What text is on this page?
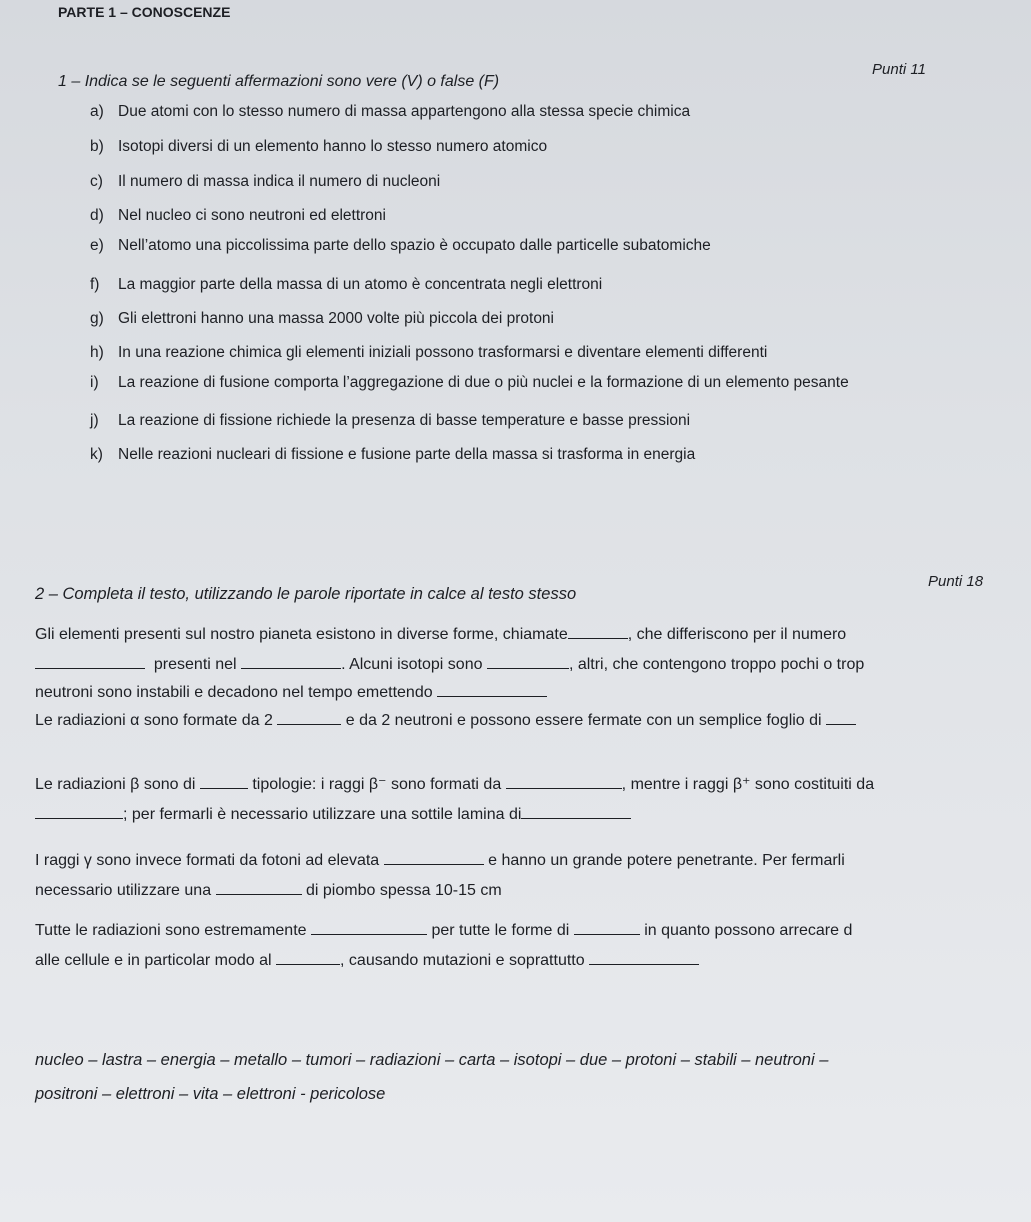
PARTE 1 – CONOSCENZE
1 – Indica se le seguenti affermazioni sono vere (V) o false (F)
Punti 11
a) Due atomi con lo stesso numero di massa appartengono alla stessa specie chimica
b) Isotopi diversi di un elemento hanno lo stesso numero atomico
c) Il numero di massa indica il numero di nucleoni
d) Nel nucleo ci sono neutroni ed elettroni
e) Nell’atomo una piccolissima parte dello spazio è occupato dalle particelle subatomiche
f) La maggior parte della massa di un atomo è concentrata negli elettroni
g) Gli elettroni hanno una massa 2000 volte più piccola dei protoni
h) In una reazione chimica gli elementi iniziali possono trasformarsi e diventare elementi differenti
i) La reazione di fusione comporta l’aggregazione di due o più nuclei e la formazione di un elemento pesante
j) La reazione di fissione richiede la presenza di basse temperature e basse pressioni
k) Nelle reazioni nucleari di fissione e fusione parte della massa si trasforma in energia
2 – Completa il testo, utilizzando le parole riportate in calce al testo stesso
Punti 18
Gli elementi presenti sul nostro pianeta esistono in diverse forme, chiamate	, che differiscono per il numero
presenti nel	. Alcuni isotopi sono	, altri, che contengono troppo pochi o trop
neutroni sono instabili e decadono nel tempo emettendo
Le radiazioni α sono formate da 2	e da 2 neutroni e possono essere fermate con un semplice foglio di
Le radiazioni β sono di	tipologie: i raggi β⁻ sono formati da	, mentre i raggi β⁺ sono costituiti da
; per fermarli è necessario utilizzare una sottile lamina di
I raggi γ sono invece formati da fotoni ad elevata	e hanno un grande potere penetrante. Per fermarli
necessario utilizzare una	di piombo spessa 10-15 cm
Tutte le radiazioni sono estremamente	per tutte le forme di	in quanto possono arrecare d
alle cellule e in particolar modo al	, causando mutazioni e soprattutto
nucleo – lastra – energia – metallo – tumori – radiazioni – carta – isotopi – due – protoni – stabili – neutroni –
positroni – elettroni – vita – elettroni - pericolose
